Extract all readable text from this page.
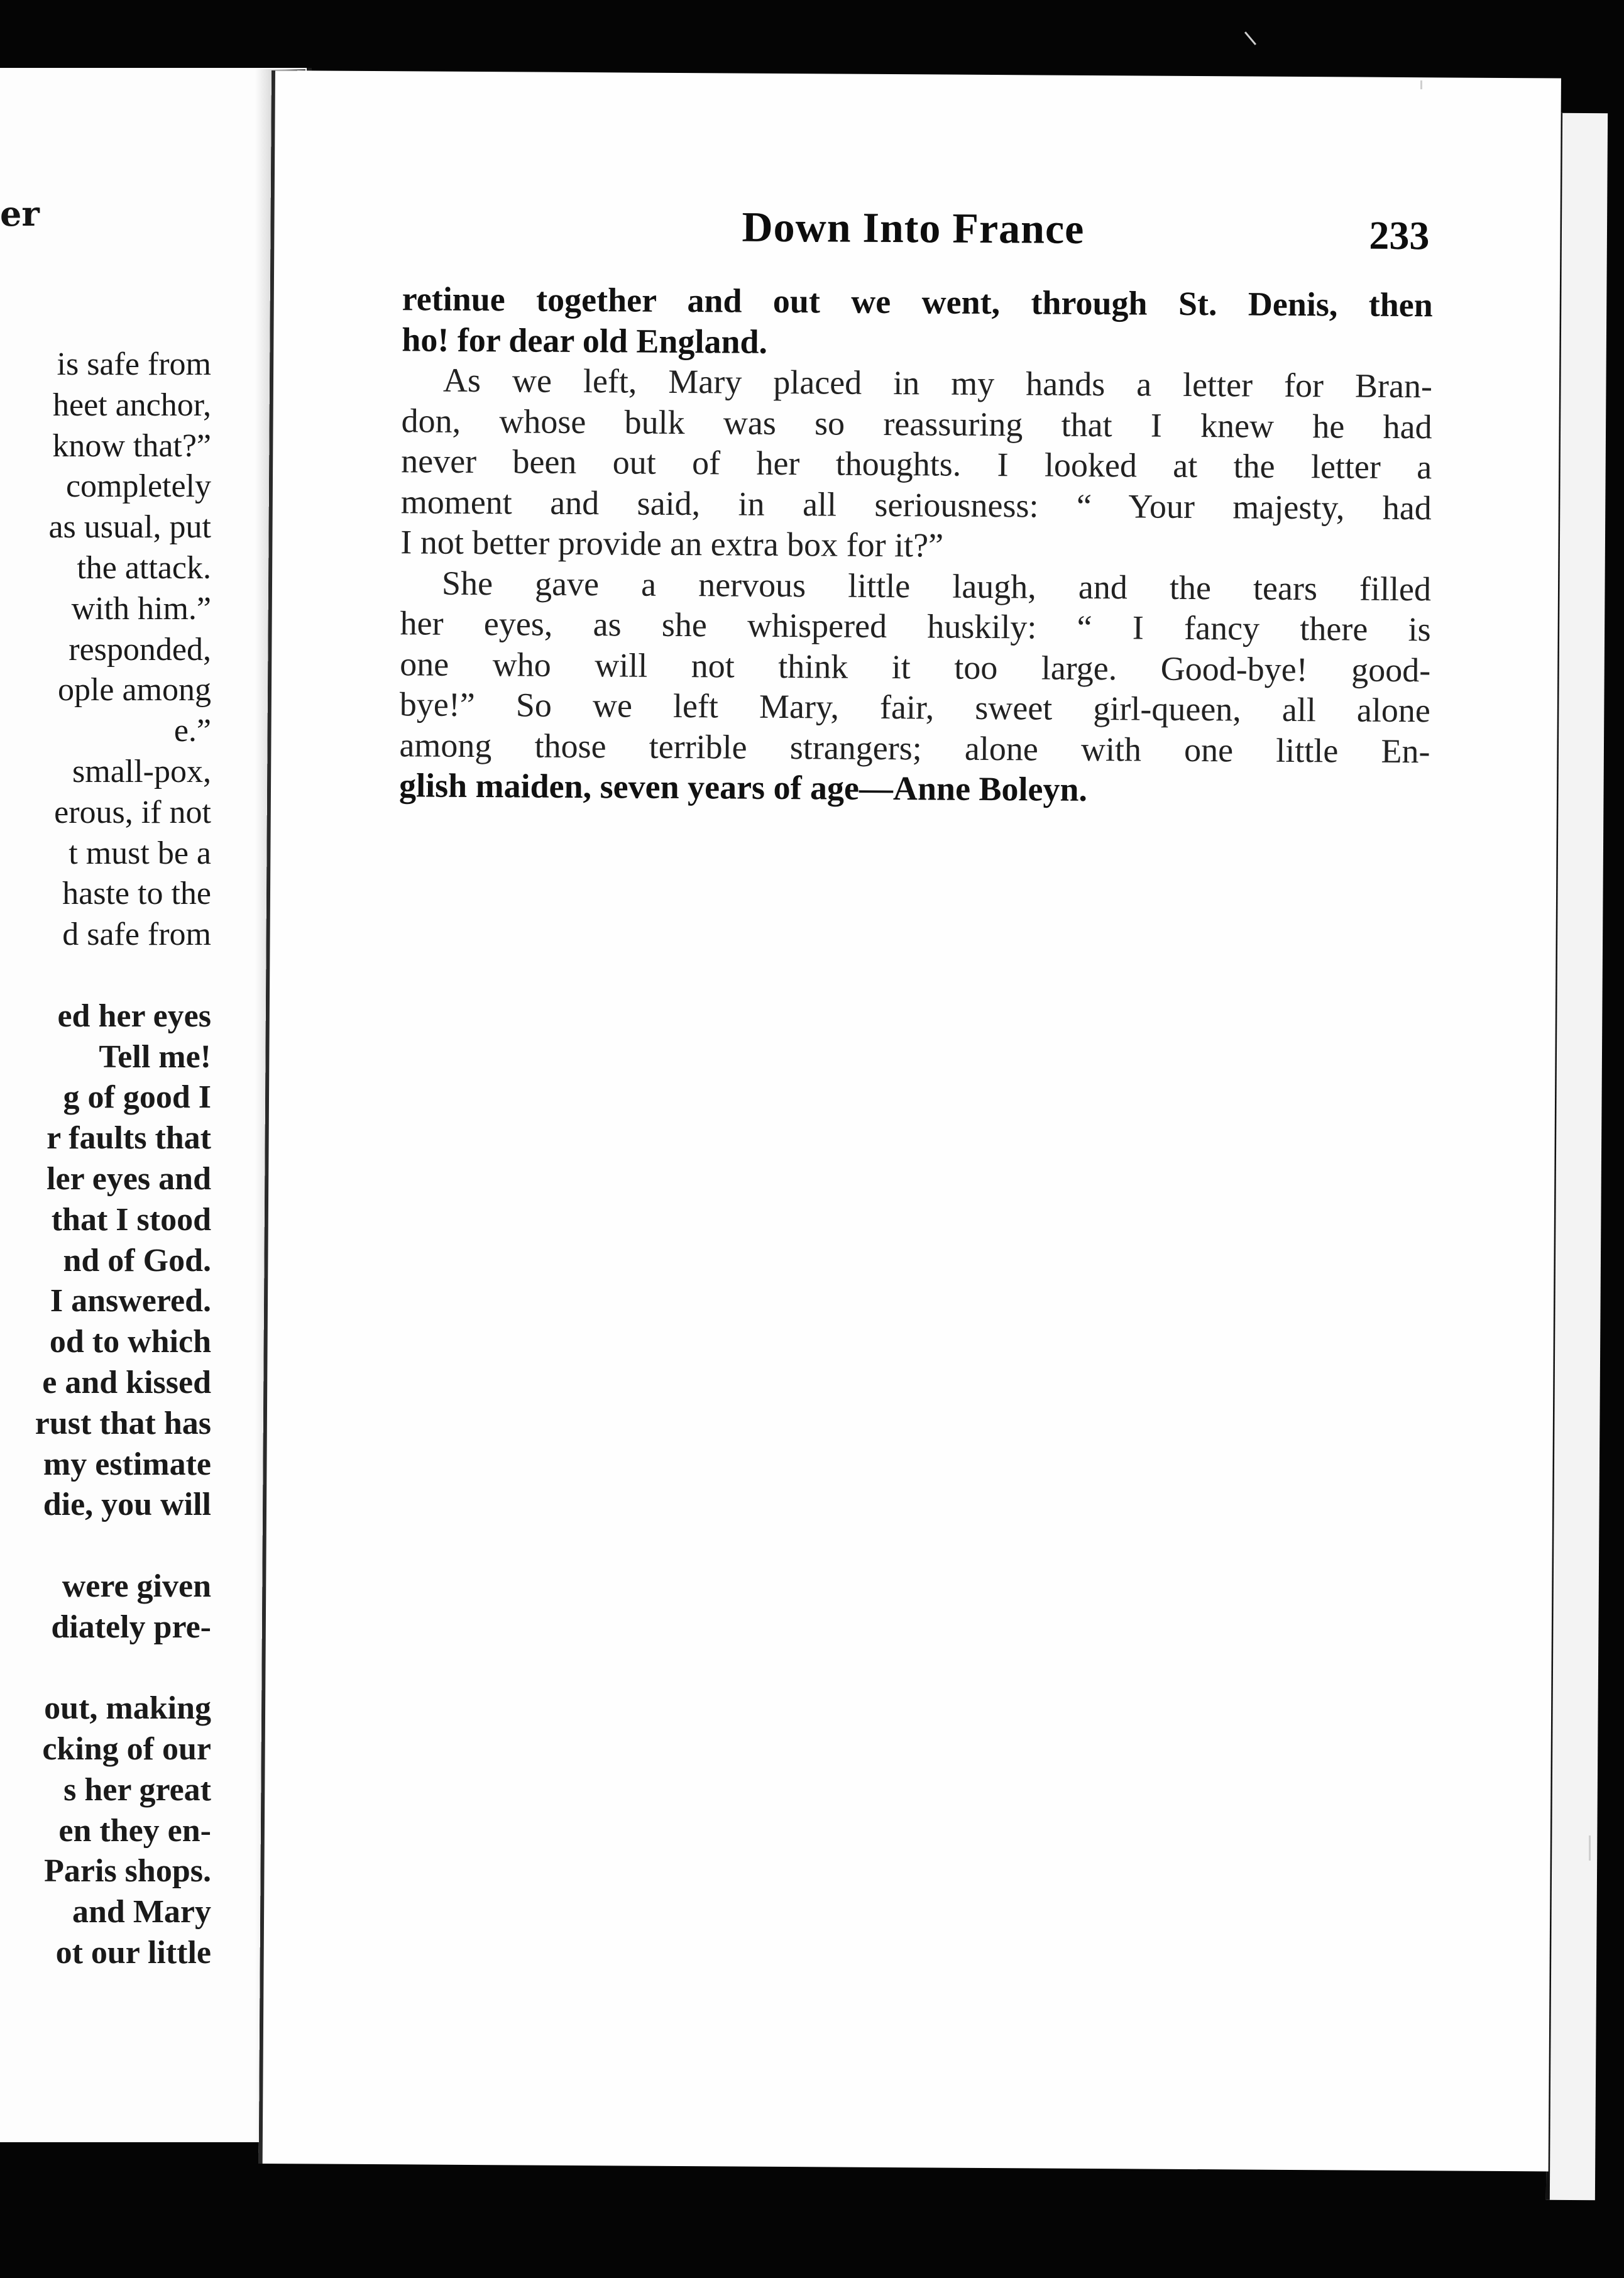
er
is safe from
heet anchor,
know that?”
completely
as usual, put
the attack.
with him.”
responded,
ople among
e.”
small-pox,
erous, if not
t must be a
haste to the
d safe from
ed her eyes
Tell me!
g of good I
r faults that
ler eyes and
that I stood
nd of God.
I answered.
od to which
e and kissed
rust that has
my estimate
die, you will
were given
diately pre-
out, making
cking of our
s her great
en they en-
Paris shops.
and Mary
ot our little
Down Into France	233
retinue together and out we went, through St. Denis, then
ho! for dear old England.
As we left, Mary placed in my hands a letter for Bran-
don, whose bulk was so reassuring that I knew he had
never been out of her thoughts. I looked at the letter a
moment and said, in all seriousness: “ Your majesty, had
I not better provide an extra box for it?”
She gave a nervous little laugh, and the tears filled
her eyes, as she whispered huskily: “ I fancy there is
one who will not think it too large. Good-bye! good-
bye!” So we left Mary, fair, sweet girl-queen, all alone
among those terrible strangers; alone with one little En-
glish maiden, seven years of age—Anne Boleyn.
